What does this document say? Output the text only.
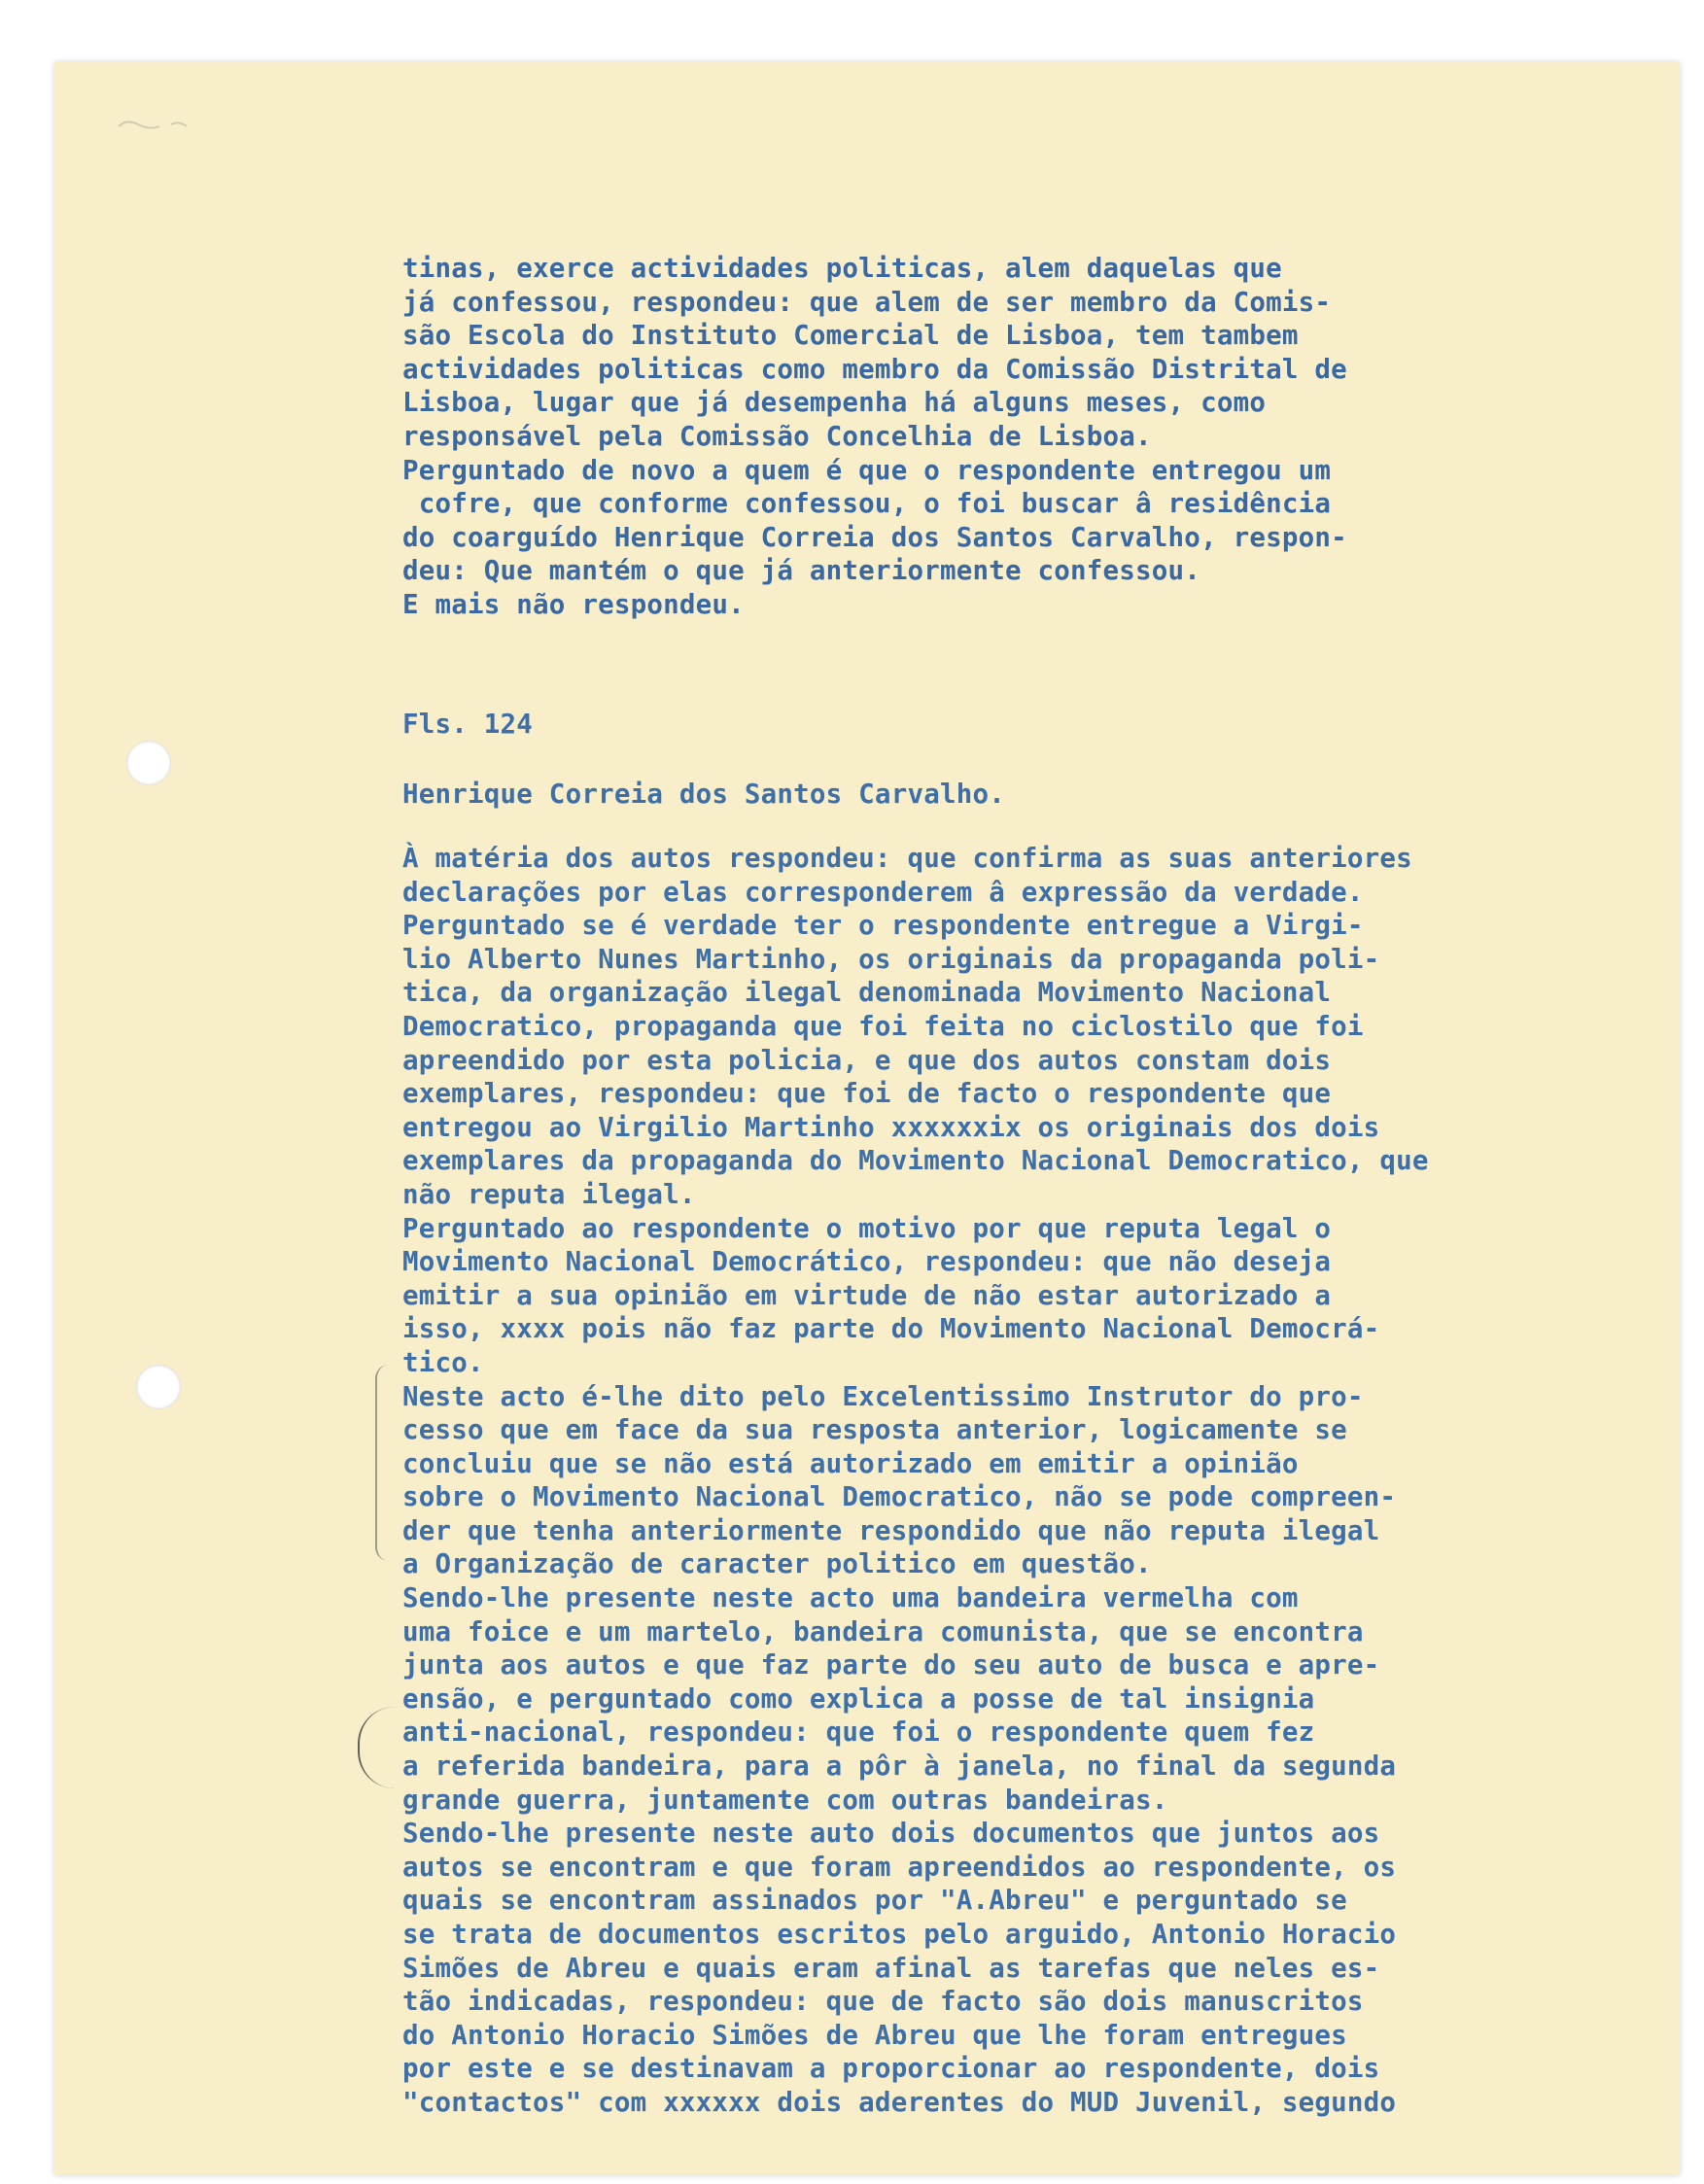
tinas, exerce actividades politicas, alem daquelas que
já confessou, respondeu: que alem de ser membro da Comis-
são Escola do Instituto Comercial de Lisboa, tem tambem
actividades politicas como membro da Comissão Distrital de
Lisboa, lugar que já desempenha há alguns meses, como
responsável pela Comissão Concelhia de Lisboa.
Perguntado de novo a quem é que o respondente entregou um
cofre, que conforme confessou, o foi buscar â residência
do coarguído Henrique Correia dos Santos Carvalho, respon-
deu: Que mantém o que já anteriormente confessou.
E mais não respondeu.
Fls. 124
Henrique Correia dos Santos Carvalho.
À matéria dos autos respondeu: que confirma as suas anteriores
declarações por elas corresponderem â expressão da verdade.
Perguntado se é verdade ter o respondente entregue a Virgi-
lio Alberto Nunes Martinho, os originais da propaganda poli-
tica, da organização ilegal denominada Movimento Nacional
Democratico, propaganda que foi feita no ciclostilo que foi
apreendido por esta policia, e que dos autos constam dois
exemplares, respondeu: que foi de facto o respondente que
entregou ao Virgilio Martinho xxxxxxix os originais dos dois
exemplares da propaganda do Movimento Nacional Democratico, que
não reputa ilegal.
Perguntado ao respondente o motivo por que reputa legal o
Movimento Nacional Democrático, respondeu: que não deseja
emitir a sua opinião em virtude de não estar autorizado a
isso, xxxx pois não faz parte do Movimento Nacional Democrá-
tico.
Neste acto é-lhe dito pelo Excelentissimo Instrutor do pro-
cesso que em face da sua resposta anterior, logicamente se
concluiu que se não está autorizado em emitir a opinião
sobre o Movimento Nacional Democratico, não se pode compreen-
der que tenha anteriormente respondido que não reputa ilegal
a Organização de caracter politico em questão.
Sendo-lhe presente neste acto uma bandeira vermelha com
uma foice e um martelo, bandeira comunista, que se encontra
junta aos autos e que faz parte do seu auto de busca e apre-
ensão, e perguntado como explica a posse de tal insignia
anti-nacional, respondeu: que foi o respondente quem fez
a referida bandeira, para a pôr à janela, no final da segunda
grande guerra, juntamente com outras bandeiras.
Sendo-lhe presente neste auto dois documentos que juntos aos
autos se encontram e que foram apreendidos ao respondente, os
quais se encontram assinados por "A.Abreu" e perguntado se
se trata de documentos escritos pelo arguido, Antonio Horacio
Simões de Abreu e quais eram afinal as tarefas que neles es-
tão indicadas, respondeu: que de facto são dois manuscritos
do Antonio Horacio Simões de Abreu que lhe foram entregues
por este e se destinavam a proporcionar ao respondente, dois
"contactos" com xxxxxx dois aderentes do MUD Juvenil, segundo
